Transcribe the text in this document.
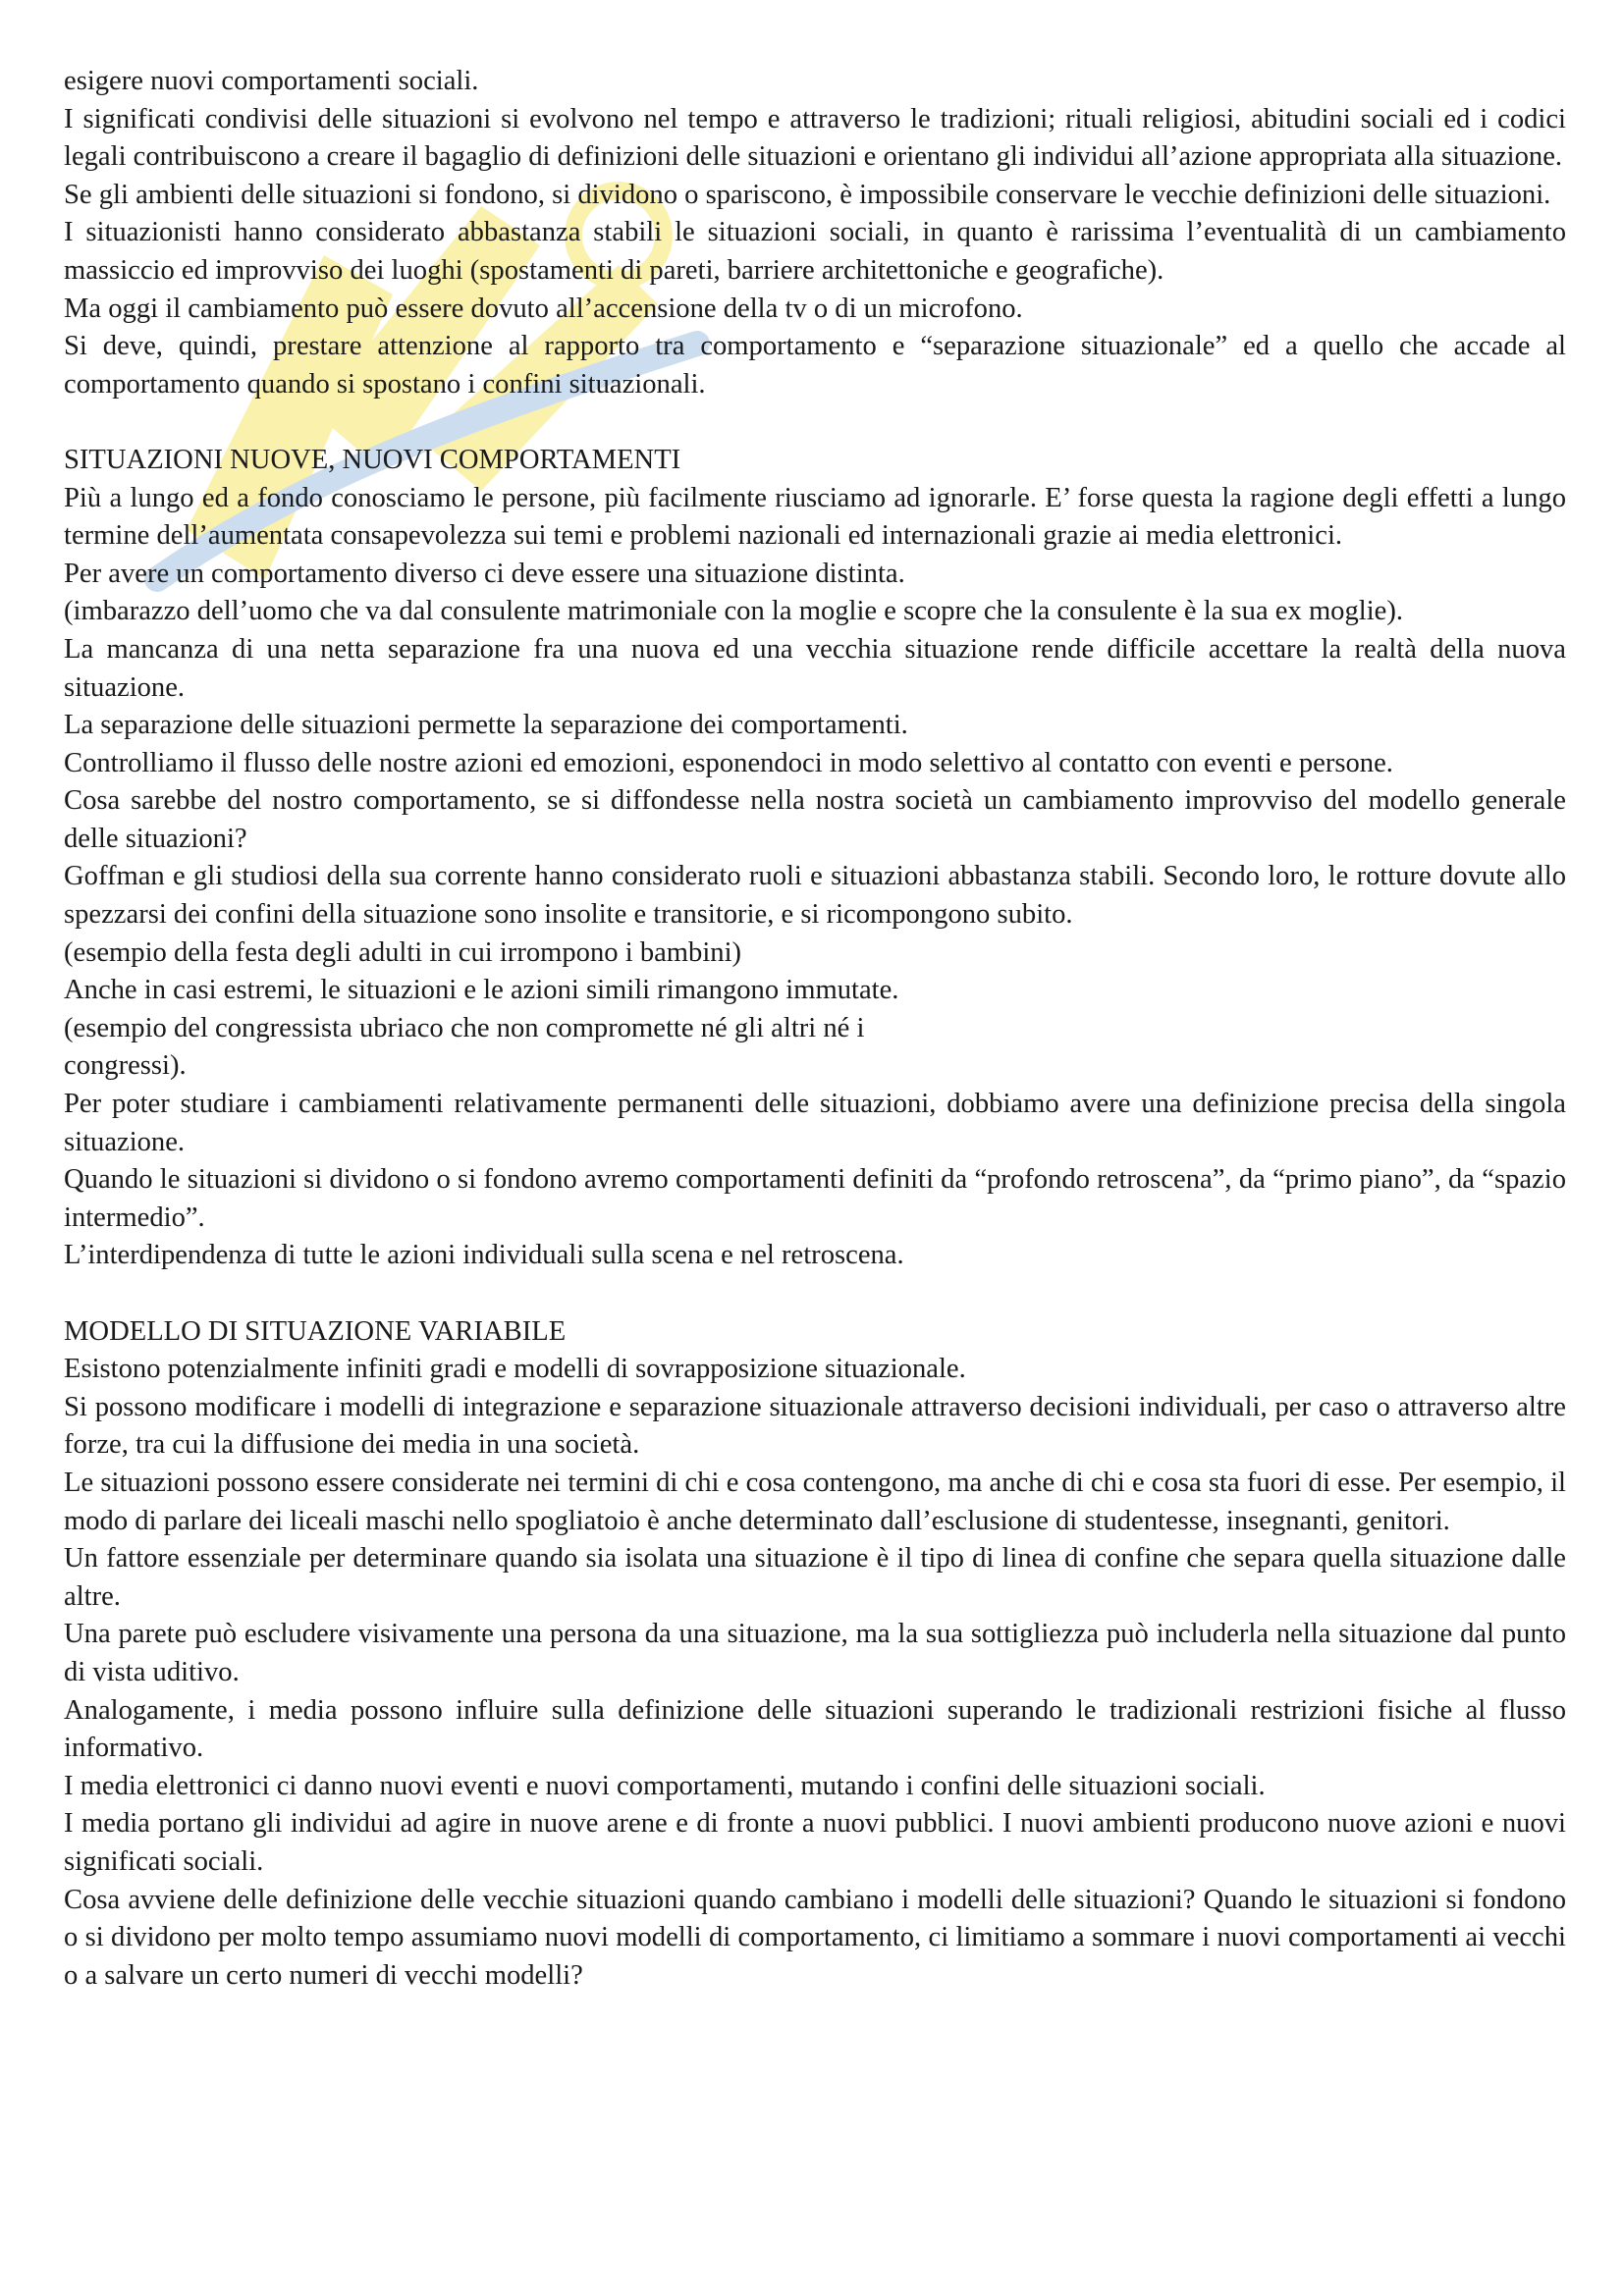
esigere nuovi comportamenti sociali.

I significati condivisi delle situazioni si evolvono nel tempo e attraverso le tradizioni; rituali religiosi, abitudini sociali ed i codici legali contribuiscono a creare il bagaglio di definizioni delle situazioni e orientano gli individui all’azione appropriata alla situazione.

Se gli ambienti delle situazioni si fondono, si dividono o spariscono, è impossibile conservare le vecchie definizioni delle situazioni.

I situazionisti hanno considerato abbastanza stabili le situazioni sociali, in quanto è rarissima l’eventualità di un cambiamento massiccio ed improvviso dei luoghi (spostamenti di pareti, barriere architettoniche e geografiche).

Ma oggi il cambiamento può essere dovuto all’accensione della tv o di un microfono.

Si deve, quindi, prestare attenzione al rapporto tra comportamento e “separazione situazionale” ed a quello che accade al comportamento quando si spostano i confini situazionali.

SITUAZIONI NUOVE, NUOVI COMPORTAMENTI

Più a lungo ed a fondo conosciamo le persone, più facilmente riusciamo ad ignorarle. E’ forse questa la ragione degli effetti a lungo termine dell’aumentata consapevolezza sui temi e problemi nazionali ed internazionali grazie ai media elettronici.

Per avere un comportamento diverso ci deve essere una situazione distinta.

(imbarazzo dell’uomo che va dal consulente matrimoniale con la moglie e scopre che la consulente è la sua ex moglie).

La mancanza di una netta separazione fra una nuova ed una vecchia situazione rende difficile accettare la realtà della nuova situazione.

La separazione delle situazioni permette la separazione dei comportamenti.

Controlliamo il flusso delle nostre azioni ed emozioni, esponendoci in modo selettivo al contatto con eventi e persone.

Cosa sarebbe del nostro comportamento, se si diffondesse nella nostra società un cambiamento improvviso del modello generale delle situazioni?

Goffman e gli studiosi della sua corrente hanno considerato ruoli e situazioni abbastanza stabili. Secondo loro, le rotture dovute allo spezzarsi dei confini della situazione sono insolite e transitorie, e si ricompongono subito.

(esempio della festa degli adulti in cui irrompono i bambini)

Anche in casi estremi, le situazioni e le azioni simili rimangono immutate.

(esempio del congressista ubriaco che non compromette né gli altri né i

congressi).

Per poter studiare i cambiamenti relativamente permanenti delle situazioni, dobbiamo avere una definizione precisa della singola situazione.

Quando le situazioni si dividono o si fondono avremo comportamenti definiti da “profondo retroscena”, da “primo piano”, da “spazio intermedio”.

L’interdipendenza di tutte le azioni individuali sulla scena e nel retroscena.

MODELLO DI SITUAZIONE VARIABILE

Esistono potenzialmente infiniti gradi e modelli di sovrapposizione situazionale.

Si possono modificare i modelli di integrazione e separazione situazionale attraverso decisioni individuali, per caso o attraverso altre forze, tra cui la diffusione dei media in una società.

Le situazioni possono essere considerate nei termini di chi e cosa contengono, ma anche di chi e cosa sta fuori di esse. Per esempio, il modo di parlare dei liceali maschi nello spogliatoio è anche determinato dall’esclusione di studentesse, insegnanti, genitori.

Un fattore essenziale per determinare quando sia isolata una situazione è il tipo di linea di confine che separa quella situazione dalle altre.

Una parete può escludere visivamente una persona da una situazione, ma la sua sottigliezza può includerla nella situazione dal punto di vista uditivo.

Analogamente, i media possono influire sulla definizione delle situazioni superando le tradizionali restrizioni fisiche al flusso informativo.

I media elettronici ci danno nuovi eventi e nuovi comportamenti, mutando i confini delle situazioni sociali.

I media portano gli individui ad agire in nuove arene e di fronte a nuovi pubblici. I nuovi ambienti producono nuove azioni e nuovi significati sociali.

Cosa avviene delle definizione delle vecchie situazioni quando cambiano i modelli delle situazioni? Quando le situazioni si fondono o si dividono per molto tempo assumiamo nuovi modelli di comportamento, ci limitiamo a sommare i nuovi comportamenti ai vecchi o a salvare un certo numeri di vecchi modelli?
